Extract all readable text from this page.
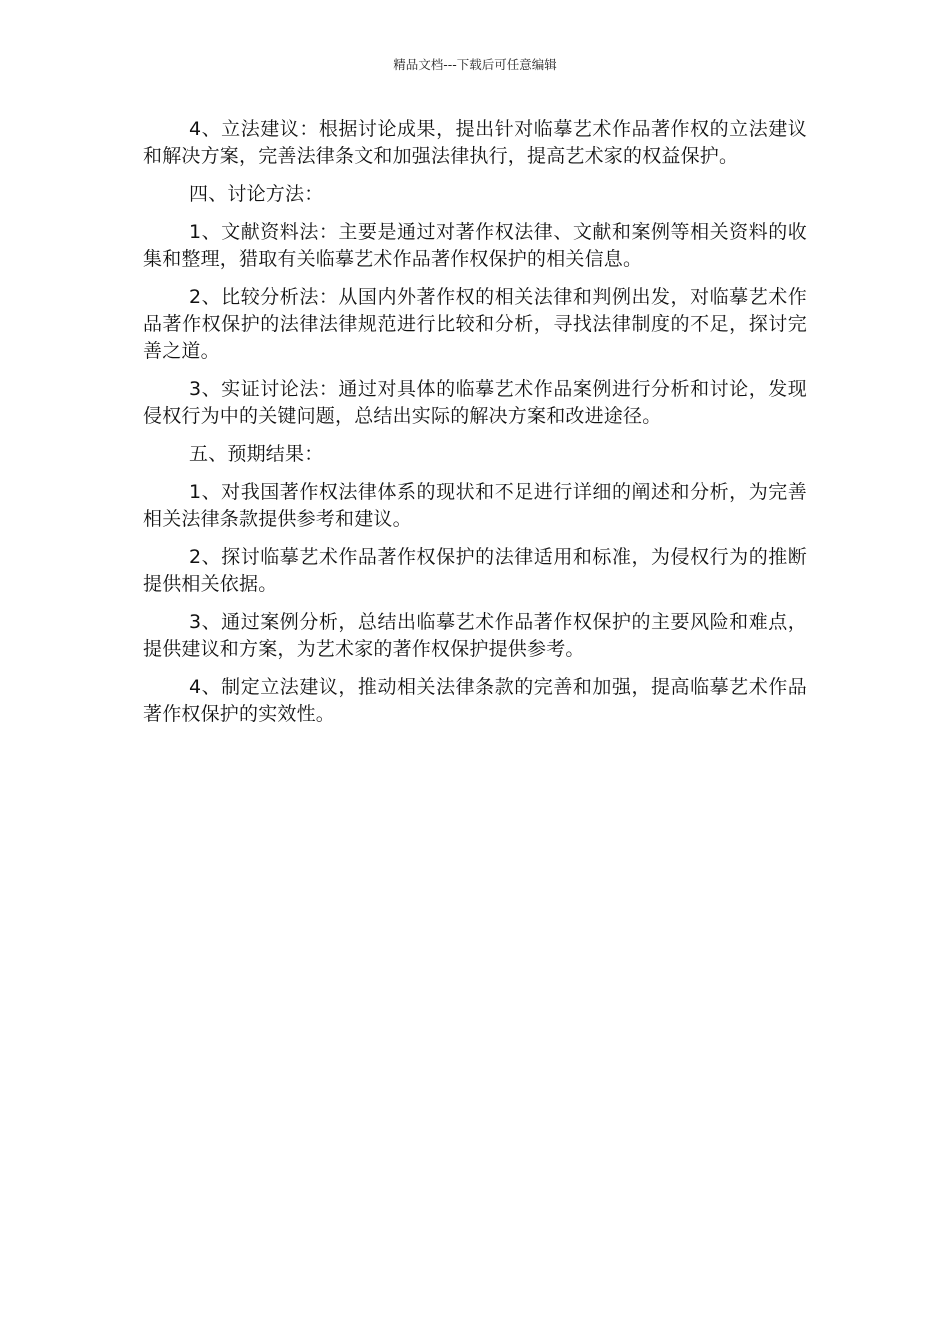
精品文档---下载后可任意编辑

4、立法建议：根据讨论成果，提出针对临摹艺术作品著作权的立法建议和解决方案，完善法律条文和加强法律执行，提高艺术家的权益保护。

四、讨论方法：

1、文献资料法：主要是通过对著作权法律、文献和案例等相关资料的收集和整理，猎取有关临摹艺术作品著作权保护的相关信息。

2、比较分析法：从国内外著作权的相关法律和判例出发，对临摹艺术作品著作权保护的法律法律规范进行比较和分析，寻找法律制度的不足，探讨完善之道。

3、实证讨论法：通过对具体的临摹艺术作品案例进行分析和讨论，发现侵权行为中的关键问题，总结出实际的解决方案和改进途径。

五、预期结果：

1、对我国著作权法律体系的现状和不足进行详细的阐述和分析，为完善相关法律条款提供参考和建议。

2、探讨临摹艺术作品著作权保护的法律适用和标准，为侵权行为的推断提供相关依据。

3、通过案例分析，总结出临摹艺术作品著作权保护的主要风险和难点，提供建议和方案，为艺术家的著作权保护提供参考。

4、制定立法建议，推动相关法律条款的完善和加强，提高临摹艺术作品著作权保护的实效性。
